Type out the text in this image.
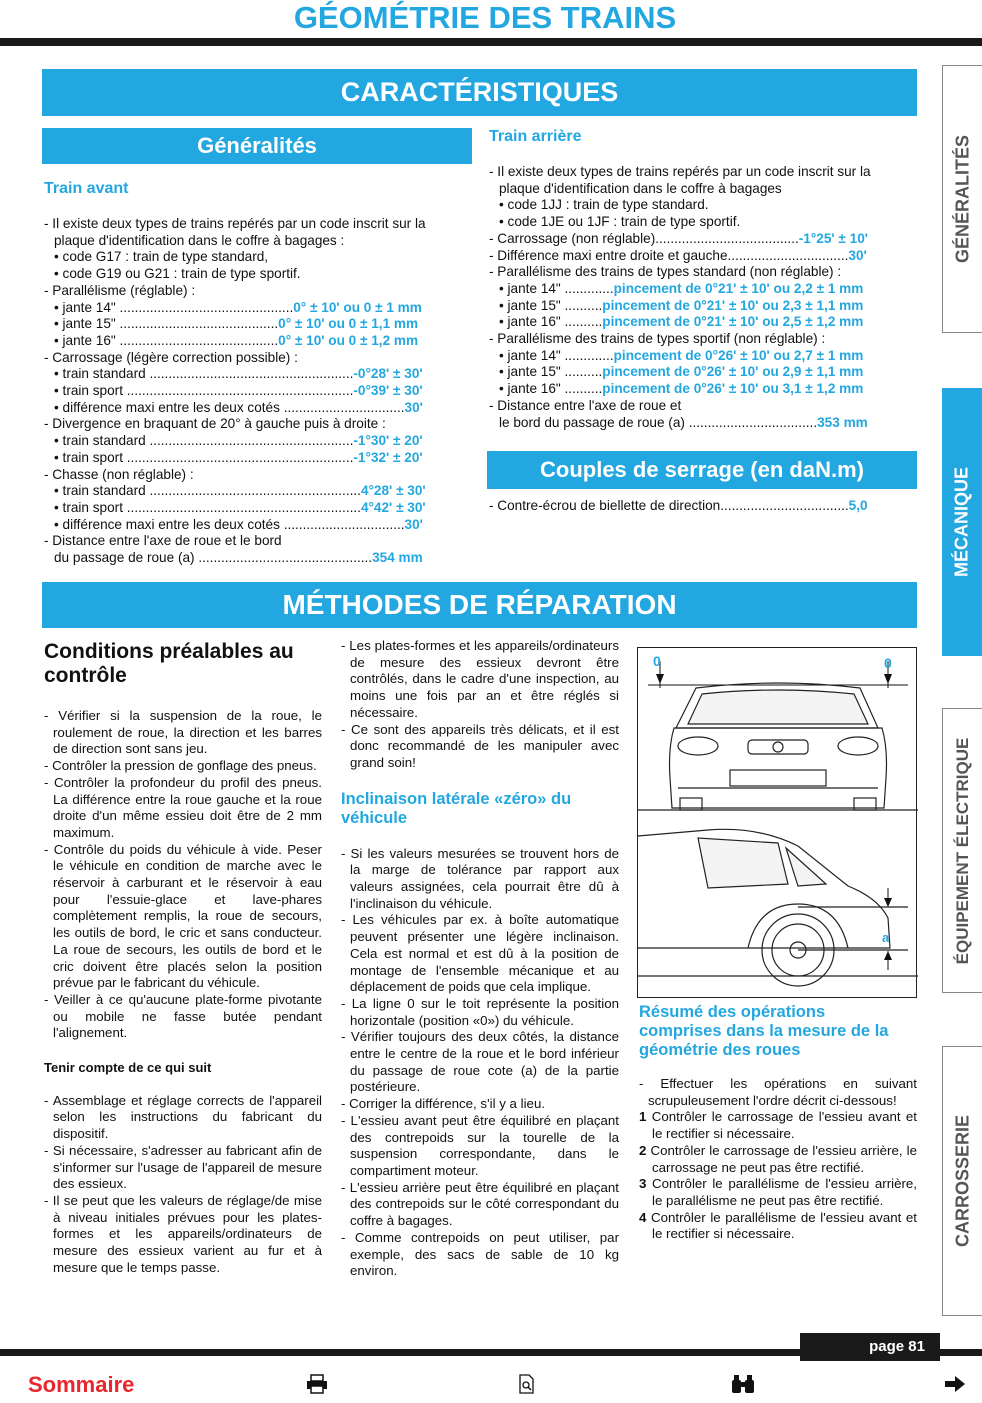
GÉOMÉTRIE DES TRAINS
CARACTÉRISTIQUES
Généralités
Train avant
- Il existe deux types de trains repérés par un code inscrit sur la
plaque d'identification dans le coffre à bagages :
• code G17 : train de type standard,
• code G19 ou G21 : train de type sportif.
- Parallélisme (réglable) :
• jante 14" ..............................................0° ± 10' ou 0 ± 1 mm
• jante 15" ..........................................0° ± 10' ou 0 ± 1,1 mm
• jante 16" ..........................................0° ± 10' ou 0 ± 1,2 mm
- Carrossage (légère correction possible) :
• train standard ......................................................-0°28' ± 30'
• train sport ............................................................-0°39' ± 30'
• différence maxi entre les deux cotés ................................30'
- Divergence en braquant de 20° à gauche puis à droite :
• train standard ......................................................-1°30' ± 20'
• train sport ............................................................-1°32' ± 20'
- Chasse (non réglable) :
• train standard ........................................................4°28' ± 30'
• train sport ..............................................................4°42' ± 30'
• différence maxi entre les deux cotés ................................30'
- Distance entre l'axe de roue et le bord
du passage de roue (a) ..............................................354 mm
Train arrière
- Il existe deux types de trains repérés par un code inscrit sur la
plaque d'identification dans le coffre à bagages
• code 1JJ : train de type standard.
• code 1JE ou 1JF : train de type sportif.
- Carrossage (non réglable)......................................-1°25' ± 10'
- Différence maxi entre droite et gauche................................30'
- Parallélisme des trains de types standard (non réglable) :
• jante 14" .............pincement de 0°21' ± 10' ou 2,2 ± 1 mm
• jante 15" ..........pincement de 0°21' ± 10' ou 2,3 ± 1,1 mm
• jante 16" ..........pincement de 0°21' ± 10' ou 2,5 ± 1,2 mm
- Parallélisme des trains de types sportif (non réglable) :
• jante 14" .............pincement de 0°26' ± 10' ou 2,7 ± 1 mm
• jante 15" ..........pincement de 0°26' ± 10' ou 2,9 ± 1,1 mm
• jante 16" ..........pincement de 0°26' ± 10' ou 3,1 ± 1,2 mm
- Distance entre l'axe de roue et
le bord du passage de roue (a) ..................................353 mm
Couples de serrage (en daN.m)
- Contre-écrou de biellette de direction..................................5,0
MÉTHODES DE RÉPARATION
Conditions préalables au contrôle

- Vérifier si la suspension de la roue, le roulement de roue, la direction et les barres de direction sont sans jeu.

- Contrôler la pression de gonflage des pneus.

- Contrôler la profondeur du profil des pneus. La différence entre la roue gauche et la roue droite d'un même essieu doit être de 2 mm maximum.

- Contrôle du poids du véhicule à vide. Peser le véhicule en condition de marche avec le réservoir à carburant et le réservoir à eau pour l'essuie-glace et lave-phares complètement remplis, la roue de secours, les outils de bord, le cric et sans conducteur. La roue de secours, les outils de bord et le cric doivent être placés selon la position prévue par le fabricant du véhicule.

- Veiller à ce qu'aucune plate-forme pivotante ou mobile ne fasse butée pendant l'alignement.

Tenir compte de ce qui suit

- Assemblage et réglage corrects de l'appareil selon les instructions du fabricant du dispositif.

- Si nécessaire, s'adresser au fabricant afin de s'informer sur l'usage de l'appareil de mesure des essieux.

- Il se peut que les valeurs de réglage/de mise à niveau initiales prévues pour les plates-formes et les appareils/ordinateurs de mesure des essieux varient au fur et à mesure que le temps passe.

- Les plates-formes et les appareils/ordinateurs de mesure des essieux devront être contrôlés, dans le cadre d'une inspection, au moins une fois par an et être réglés si nécessaire.

- Ce sont des appareils très délicats, et il est donc recommandé de les manipuler avec grand soin!

Inclinaison latérale «zéro» du véhicule

- Si les valeurs mesurées se trouvent hors de la marge de tolérance par rapport aux valeurs assignées, cela pourrait être dû à l'inclinaison du véhicule.

- Les véhicules par ex. à boîte automatique peuvent présenter une légère inclinaison. Cela est normal et est dû à la position de montage de l'ensemble mécanique et au déplacement de poids que cela implique.

- La ligne 0 sur le toit représente la position horizontale (position «0») du véhicule.

- Vérifier toujours des deux côtés, la distance entre le centre de la roue et le bord inférieur du passage de roue cote (a) de la partie postérieure.

- Corriger la différence, s'il y a lieu.

- L'essieu avant peut être équilibré en plaçant des contrepoids sur la tourelle de la suspension correspondante, dans le compartiment moteur.

- L'essieu arrière peut être équilibré en plaçant des contrepoids sur le côté correspondant du coffre à bagages.

- Comme contrepoids on peut utiliser, par exemple, des sacs de sable de 10 kg environ.

0	0
a
Résumé des opérations comprises dans la mesure de la géométrie des roues

- Effectuer les opérations en suivant scrupuleusement l'ordre décrit ci-dessous!

1 Contrôler le carrossage de l'essieu avant et le rectifier si nécessaire.

2 Contrôler le carrossage de l'essieu arrière, le carrossage ne peut pas être rectifié.

3 Contrôler le parallélisme de l'essieu arrière, le parallélisme ne peut pas être rectifié.

4 Contrôler le parallélisme de l'essieu avant et le rectifier si nécessaire.

GÉNÉRALITÉS
MÉCANIQUE
ÉQUIPEMENT ÉLECTRIQUE
CARROSSERIE
page 81
Sommaire
